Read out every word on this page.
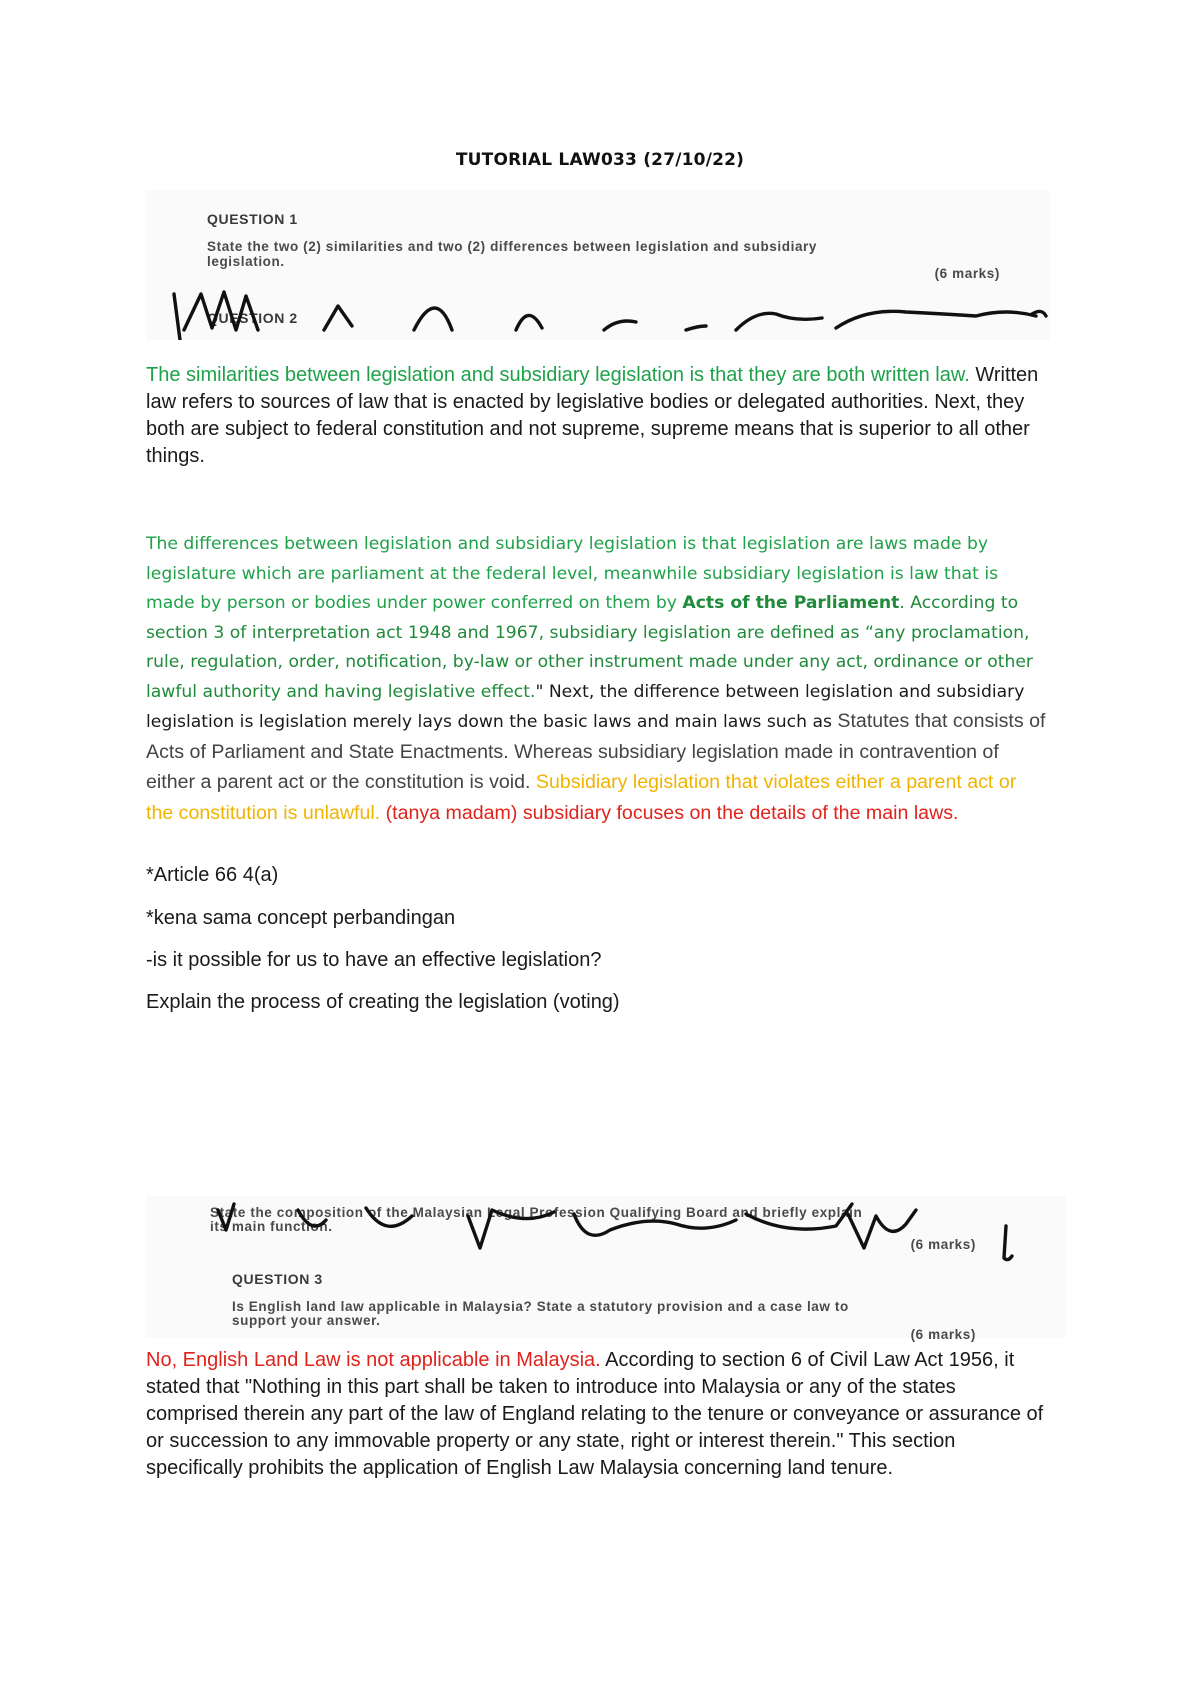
TUTORIAL LAW033 (27/10/22)
QUESTION 1
State the two (2) similarities and two (2) differences between legislation and subsidiary
legislation.
(6 marks)
QUESTION 2
The similarities between legislation and subsidiary legislation is that they are both written law. Written law refers to sources of law that is enacted by legislative bodies or delegated authorities. Next, they both are subject to federal constitution and not supreme, supreme means that is superior to all other things.
The differences between legislation and subsidiary legislation is that legislation are laws made by legislature which are parliament at the federal level, meanwhile subsidiary legislation is law that is made by person or bodies under power conferred on them by Acts of the Parliament. According to section 3 of interpretation act 1948 and 1967, subsidiary legislation are defined as “any proclamation, rule, regulation, order, notification, by-law or other instrument made under any act, ordinance or other lawful authority and having legislative effect." Next, the difference between legislation and subsidiary legislation is legislation merely lays down the basic laws and main laws such as Statutes that consists of Acts of Parliament and State Enactments. Whereas subsidiary legislation made in contravention of either a parent act or the constitution is void. Subsidiary legislation that violates either a parent act or the constitution is unlawful. (tanya madam) subsidiary focuses on the details of the main laws.
*Article 66 4(a)
*kena sama concept perbandingan
-is it possible for us to have an effective legislation?
Explain the process of creating the legislation (voting)
State the composition of the Malaysian Legal Profession Qualifying Board and briefly explain
its main function.
(6 marks)
QUESTION 3
Is English land law applicable in Malaysia? State a statutory provision and a case law to
support your answer.
(6 marks)
No, English Land Law is not applicable in Malaysia. According to section 6 of Civil Law Act 1956, it stated that "Nothing in this part shall be taken to introduce into Malaysia or any of the states comprised therein any part of the law of England relating to the tenure or conveyance or assurance of or succession to any immovable property or any state, right or interest therein." This section specifically prohibits the application of English Law Malaysia concerning land tenure.
